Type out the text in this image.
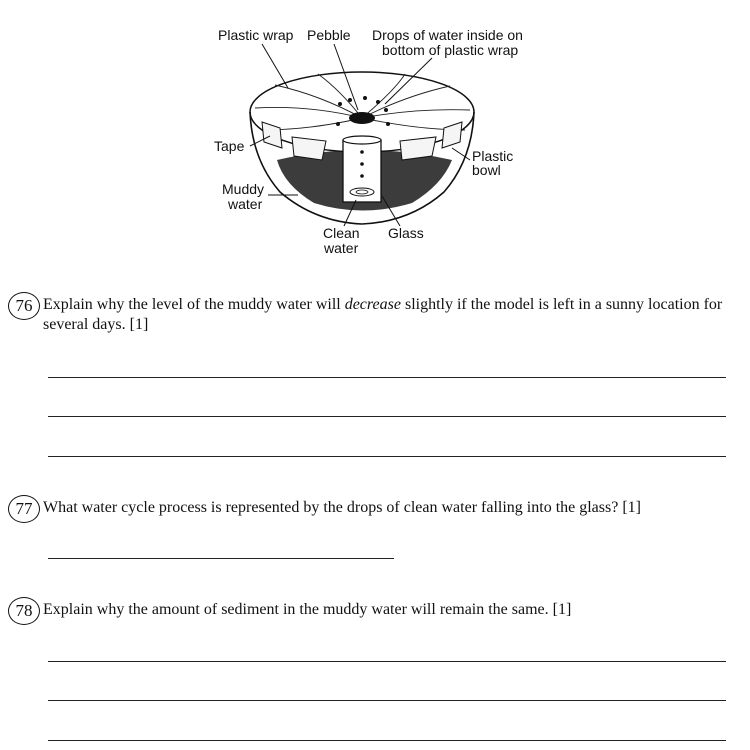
Plastic wrap Pebble Drops of water inside on
bottom of plastic wrap
Tape
Plastic
bowl
Muddy
water
Clean
water
Glass
76 Explain why the level of the muddy water will decrease slightly if the model is left in a sunny location for several days. [1]
77 What water cycle process is represented by the drops of clean water falling into the glass? [1]
78 Explain why the amount of sediment in the muddy water will remain the same. [1]
